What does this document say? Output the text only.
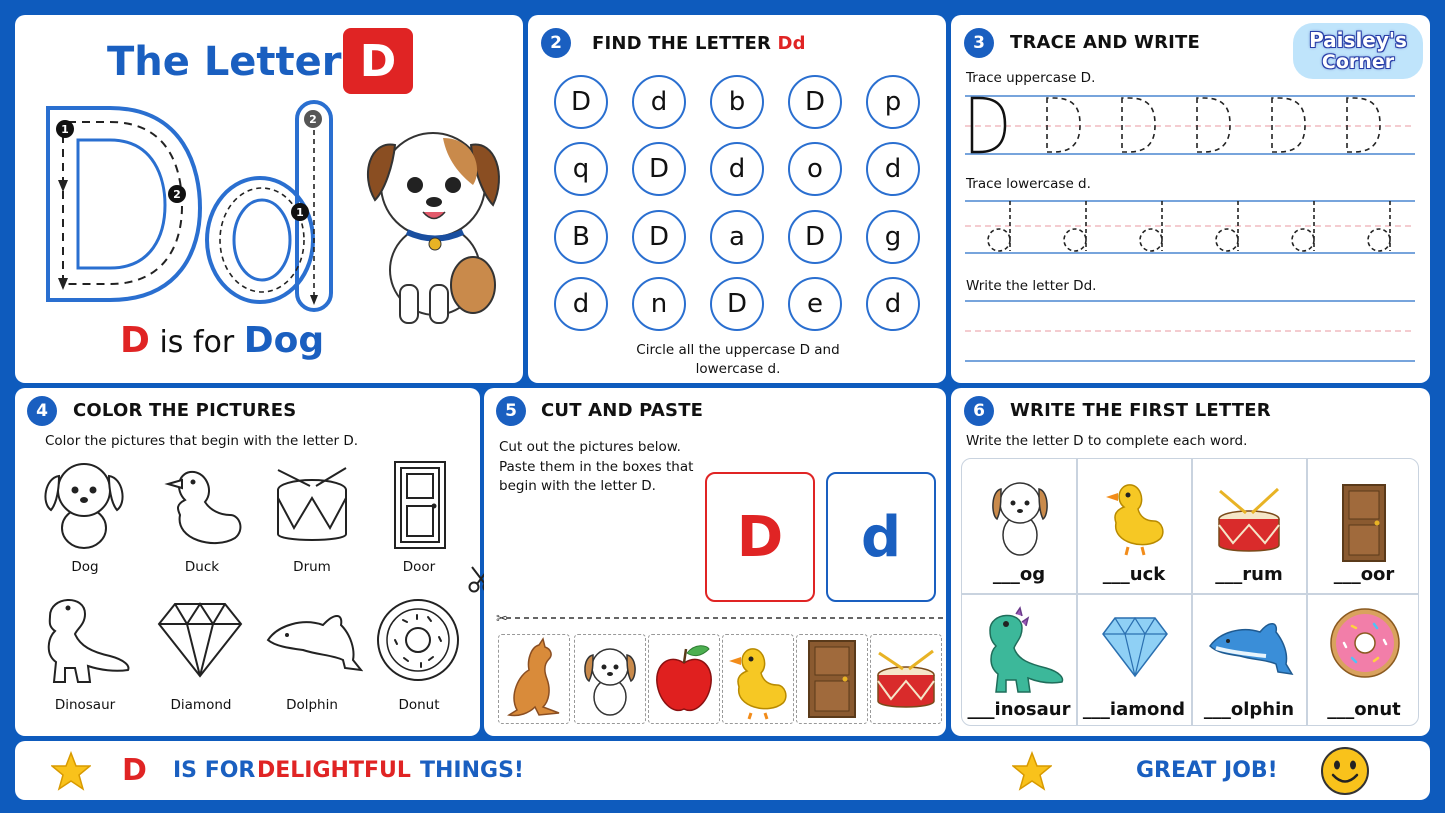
The Letter D
1
2
1
2
D is for Dog
2	FIND THE LETTER Dd
D	d	b	D	p
q	D	d	o	d
B	D	a	D	g
d	n	D	e	d
Circle all the uppercase D and
lowercase d.
3	TRACE AND WRITE	Paisley's
Corner
Trace uppercase D.
Trace lowercase d.
Write the letter Dd.
4	COLOR THE PICTURES
Color the pictures that begin with the letter D.
Dog	Duck	Drum	Door
Dinosaur	Diamond	Dolphin	Donut
5	CUT AND PASTE
Cut out the pictures below.
Paste them in the boxes that
begin with the letter D.
D	d
✂
6	WRITE THE FIRST LETTER
Write the letter D to complete each word.
___og	___uck	___rum	___oor
___inosaur ___iamond	___olphin	___onut
D IS FOR DELIGHTFUL THINGS!	GREAT JOB!
